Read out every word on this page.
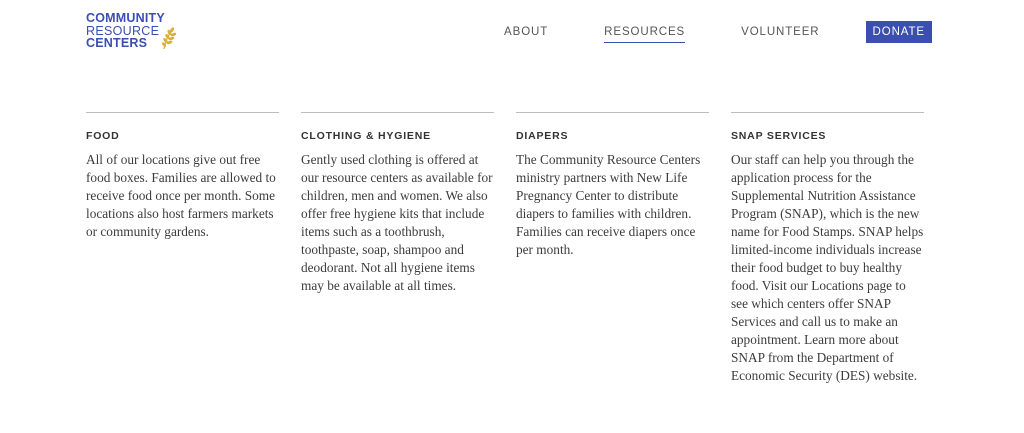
COMMUNITY
RESOURCE
CENTERS
ABOUT	RESOURCES	VOLUNTEER	DONATE
FOOD
All of our locations give out free food boxes. Families are allowed to receive food once per month. Some locations also host farmers markets or community gardens.
CLOTHING & HYGIENE
Gently used clothing is offered at our resource centers as available for children, men and women. We also offer free hygiene kits that include items such as a toothbrush, toothpaste, soap, shampoo and deodorant. Not all hygiene items may be available at all times.
DIAPERS
The Community Resource Centers ministry partners with New Life Pregnancy Center to distribute diapers to families with children. Families can receive diapers once per month.
SNAP SERVICES
Our staff can help you through the application process for the Supplemental Nutrition Assistance Program (SNAP), which is the new name for Food Stamps. SNAP helps limited-income individuals increase their food budget to buy healthy food. Visit our Locations page to see which centers offer SNAP Services and call us to make an appointment. Learn more about SNAP from the Department of Economic Security (DES) website.
